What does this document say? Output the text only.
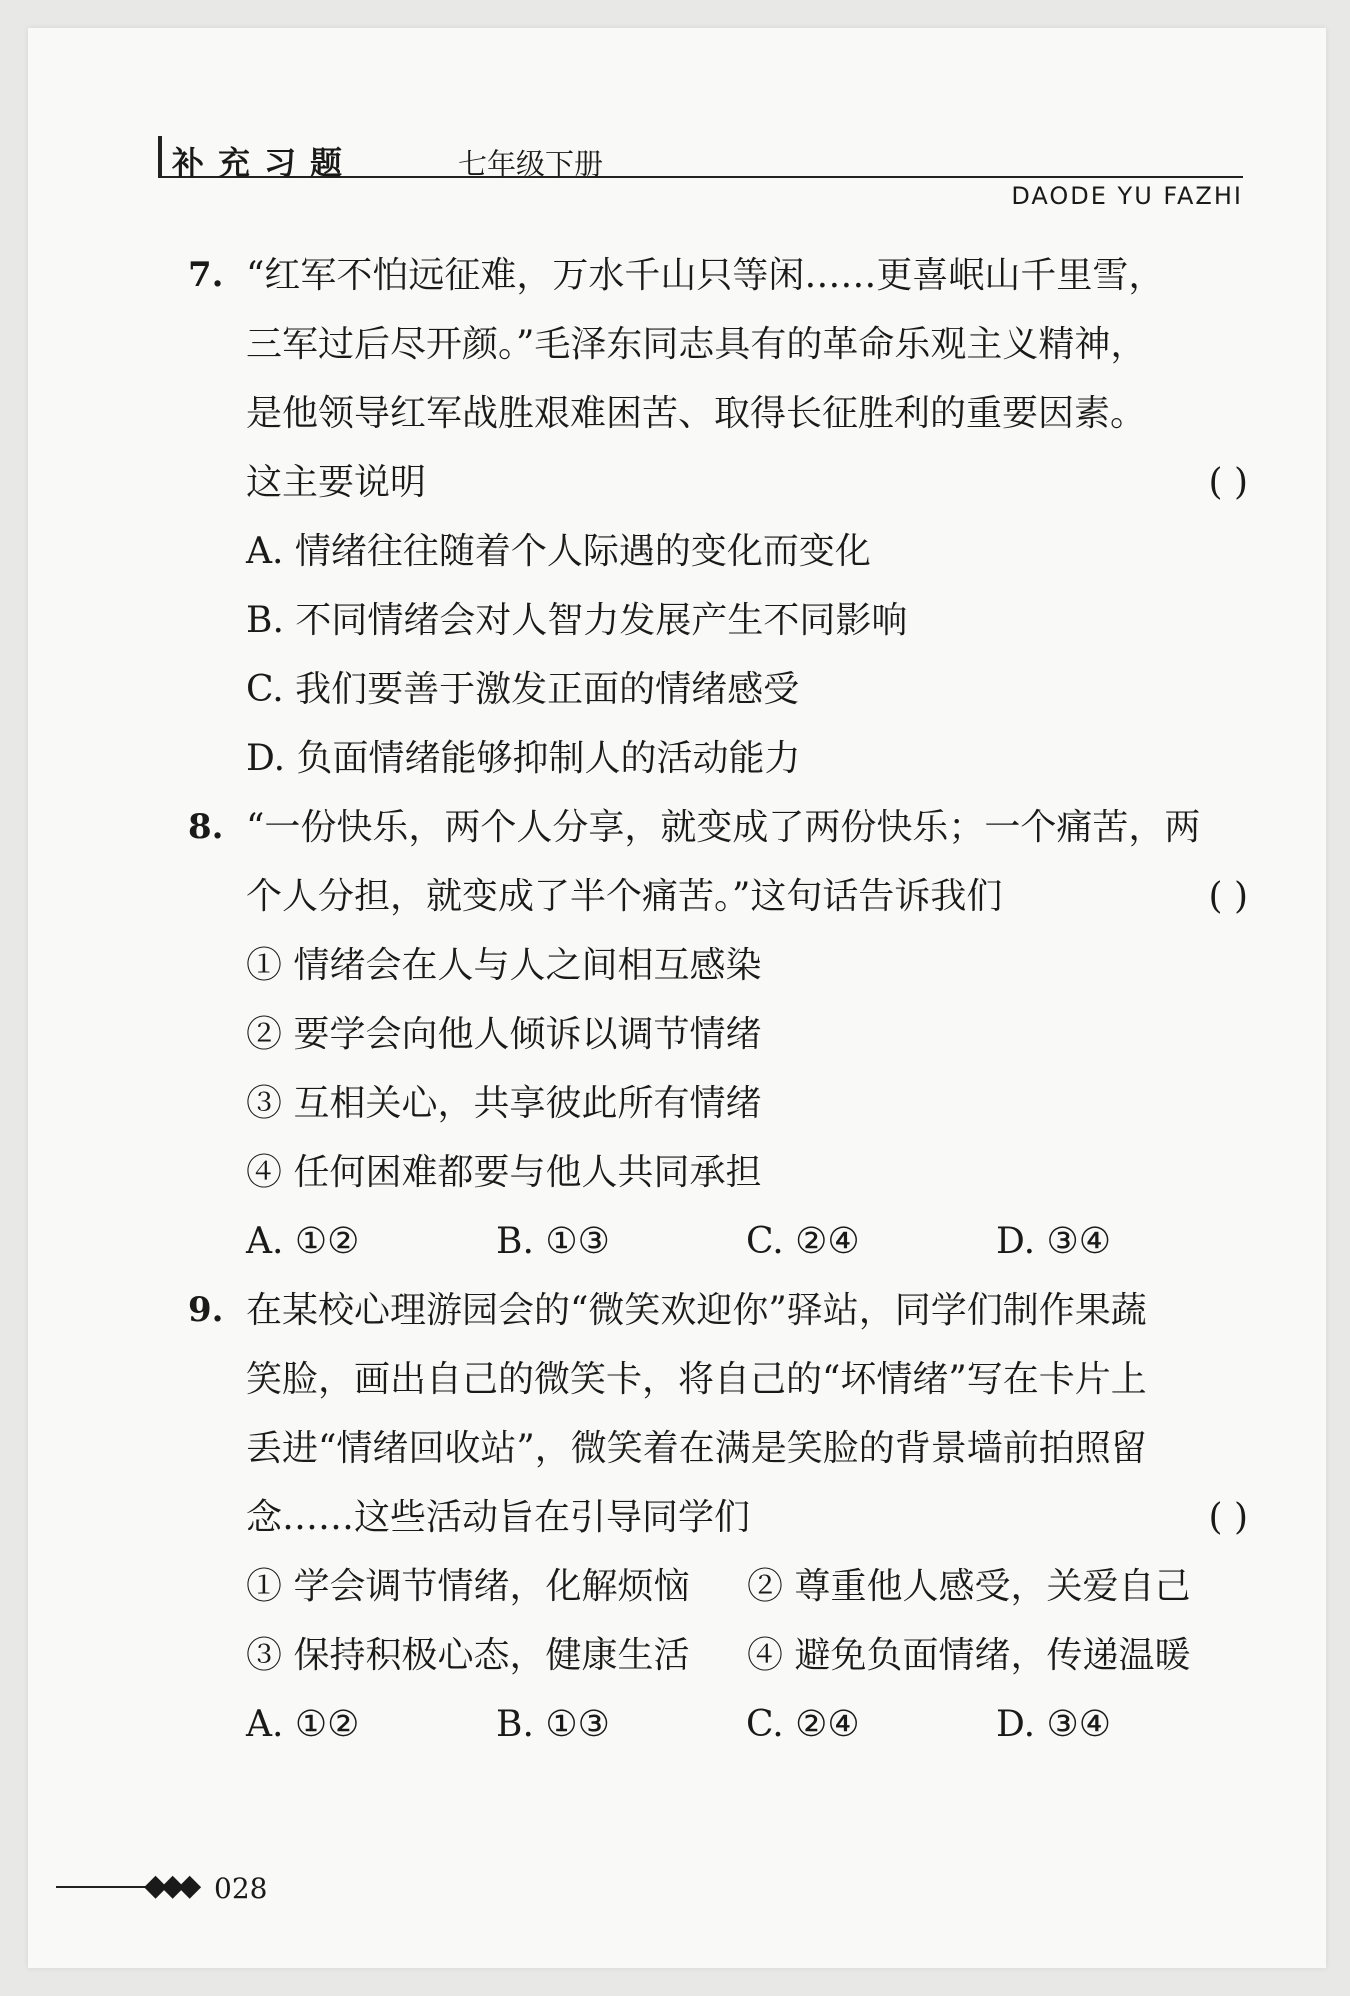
补充习题	七年级下册
DAODE YU FAZHI
7. “红军不怕远征难，万水千山只等闲……更喜岷山千里雪，
三军过后尽开颜。”毛泽东同志具有的革命乐观主义精神，
是他领导红军战胜艰难困苦、取得长征胜利的重要因素。
这主要说明	( )
A. 情绪往往随着个人际遇的变化而变化
B. 不同情绪会对人智力发展产生不同影响
C. 我们要善于激发正面的情绪感受
D. 负面情绪能够抑制人的活动能力
8. “一份快乐，两个人分享，就变成了两份快乐；一个痛苦，两
个人分担，就变成了半个痛苦。”这句话告诉我们	( )
① 情绪会在人与人之间相互感染
② 要学会向他人倾诉以调节情绪
③ 互相关心，共享彼此所有情绪
④ 任何困难都要与他人共同承担
A. ①②	B. ①③	C. ②④	D. ③④
9. 在某校心理游园会的“微笑欢迎你”驿站，同学们制作果蔬
笑脸，画出自己的微笑卡，将自己的“坏情绪”写在卡片上
丢进“情绪回收站”，微笑着在满是笑脸的背景墙前拍照留
念……这些活动旨在引导同学们	( )
① 学会调节情绪，化解烦恼	② 尊重他人感受，关爱自己
③ 保持积极心态，健康生活	④ 避免负面情绪，传递温暖
A. ①②	B. ①③	C. ②④	D. ③④
◆◆◆ 028
